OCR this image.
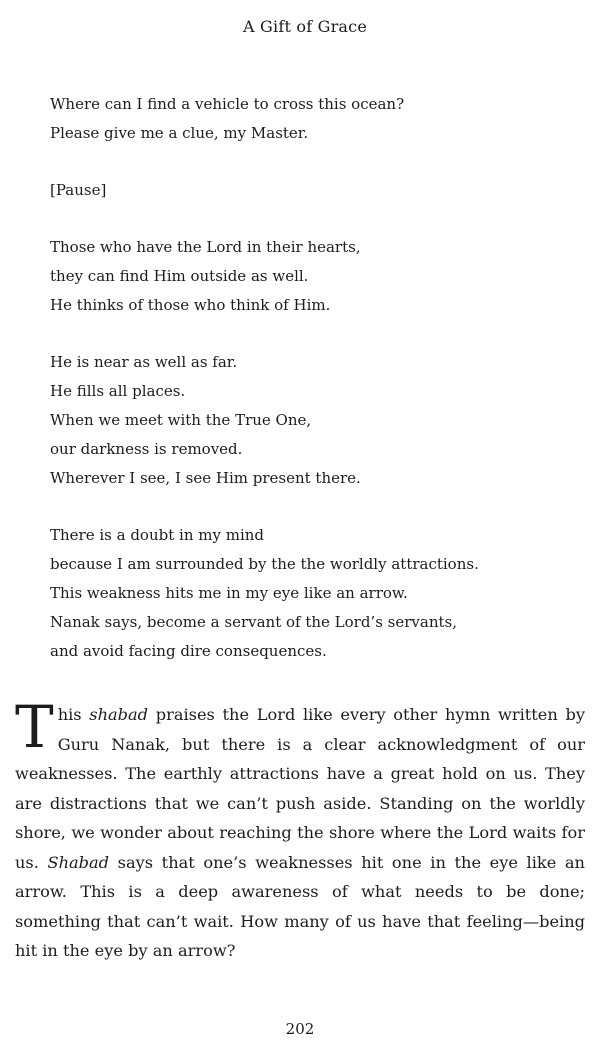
A Gift of Grace
Where can I find a vehicle to cross this ocean?
Please give me a clue, my Master.
[Pause]
Those who have the Lord in their hearts,
they can find Him outside as well.
He thinks of those who think of Him.
He is near as well as far.
He fills all places.
When we meet with the True One,
our darkness is removed.
Wherever I see, I see Him present there.
There is a doubt in my mind
because I am surrounded by the the worldly attractions.
This weakness hits me in my eye like an arrow.
Nanak says, become a servant of the Lord’s servants,
and avoid facing dire consequences.

This shabad praises the Lord like every other hymn written by Guru Nanak, but there is a clear acknowledgment of our weaknesses. The earthly attractions have a great hold on us. They are distractions that we can’t push aside. Standing on the worldly shore, we wonder about reaching the shore where the Lord waits for us. Shabad says that one’s weaknesses hit one in the eye like an arrow. This is a deep awareness of what needs to be done; something that can’t wait. How many of us have that feeling—being hit in the eye by an arrow?

202
